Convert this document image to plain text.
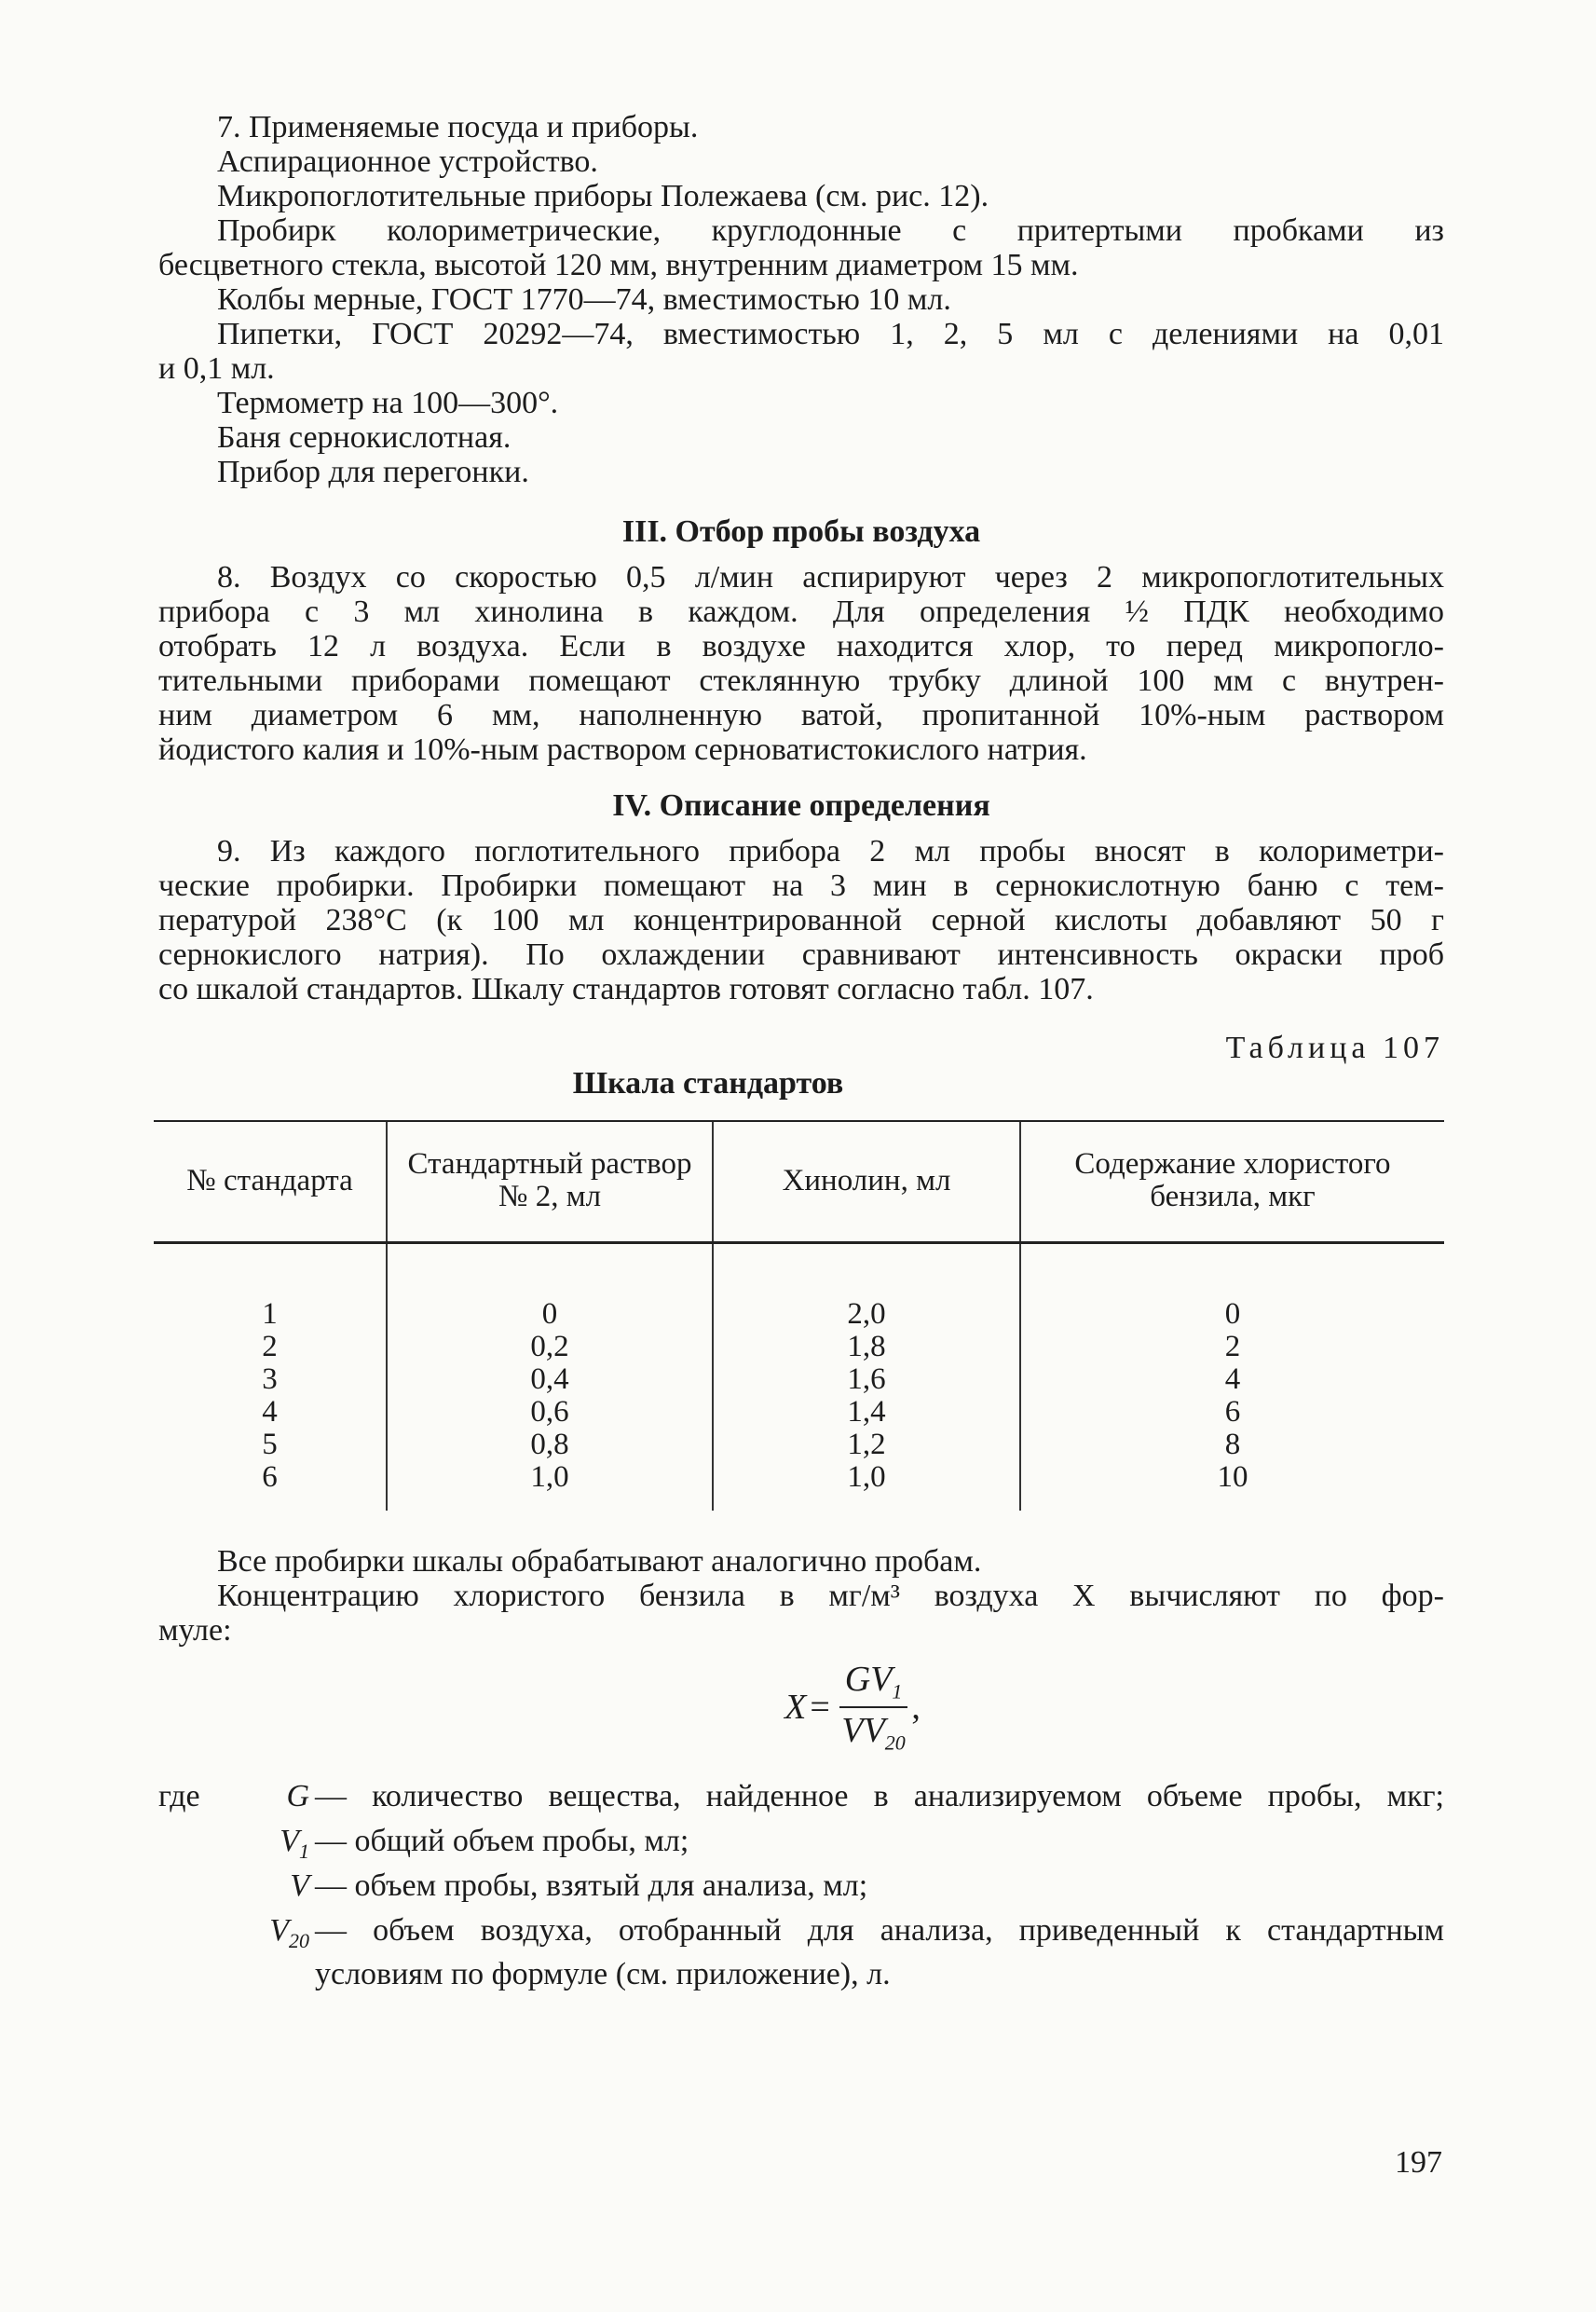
7. Применяемые посуда и приборы.

Аспирационное устройство.

Микропоглотительные приборы Полежаева (см. рис. 12).

Пробирк колориметрические, круглодонные с притертыми пробками из

бесцветного стекла, высотой 120 мм, внутренним диаметром 15 мм.

Колбы мерные, ГОСТ 1770—74, вместимостью 10 мл.

Пипетки, ГОСТ 20292—74, вместимостью 1, 2, 5 мл с делениями на 0,01

и 0,1 мл.

Термометр на 100—300°.

Баня сернокислотная.

Прибор для перегонки.

III. Отбор пробы воздуха

8. Воздух со скоростью 0,5 л/мин аспирируют через 2 микропоглотительных

прибора с 3 мл хинолина в каждом. Для определения ½ ПДК необходимо

отобрать 12 л воздуха. Если в воздухе находится хлор, то перед микропогло-

тительными приборами помещают стеклянную трубку длиной 100 мм с внутрен-

ним диаметром 6 мм, наполненную ватой, пропитанной 10%-ным раствором

йодистого калия и 10%-ным раствором серноватистокислого натрия.

IV. Описание определения

9. Из каждого поглотительного прибора 2 мл пробы вносят в колориметри-

ческие пробирки. Пробирки помещают на 3 мин в сернокислотную баню с тем-

пературой 238°C (к 100 мл концентрированной серной кислоты добавляют 50 г

сернокислого натрия). По охлаждении сравнивают интенсивность окраски проб

со шкалой стандартов. Шкалу стандартов готовят согласно табл. 107.

Таблица 107
Шкала стандартов
№ стандарта	Стандартный раствор № 2, мл	Хинолин, мл	Содержание хлористого бензила, мкг
1	0	2,0	0
2	0,2	1,8	2
3	0,4	1,6	4
4	0,6	1,4	6
5	0,8	1,2	8
6	1,0	1,0	10

Все пробирки шкалы обрабатывают аналогично пробам.

Концентрацию хлористого бензила в мг/м³ воздуха X вычисляют по фор-

муле:

$X = \frac{GV_1}{VV_{20}}$ ,
где	G — количество вещества, найденное в анализируемом объеме пробы, мкг;
$V_1$ — общий объем пробы, мл;
V — объем пробы, взятый для анализа, мл;
$V_{20}$ — объем воздуха, отобранный для анализа, приведенный к стандартным
условиям по формуле (см. приложение), л.
197
